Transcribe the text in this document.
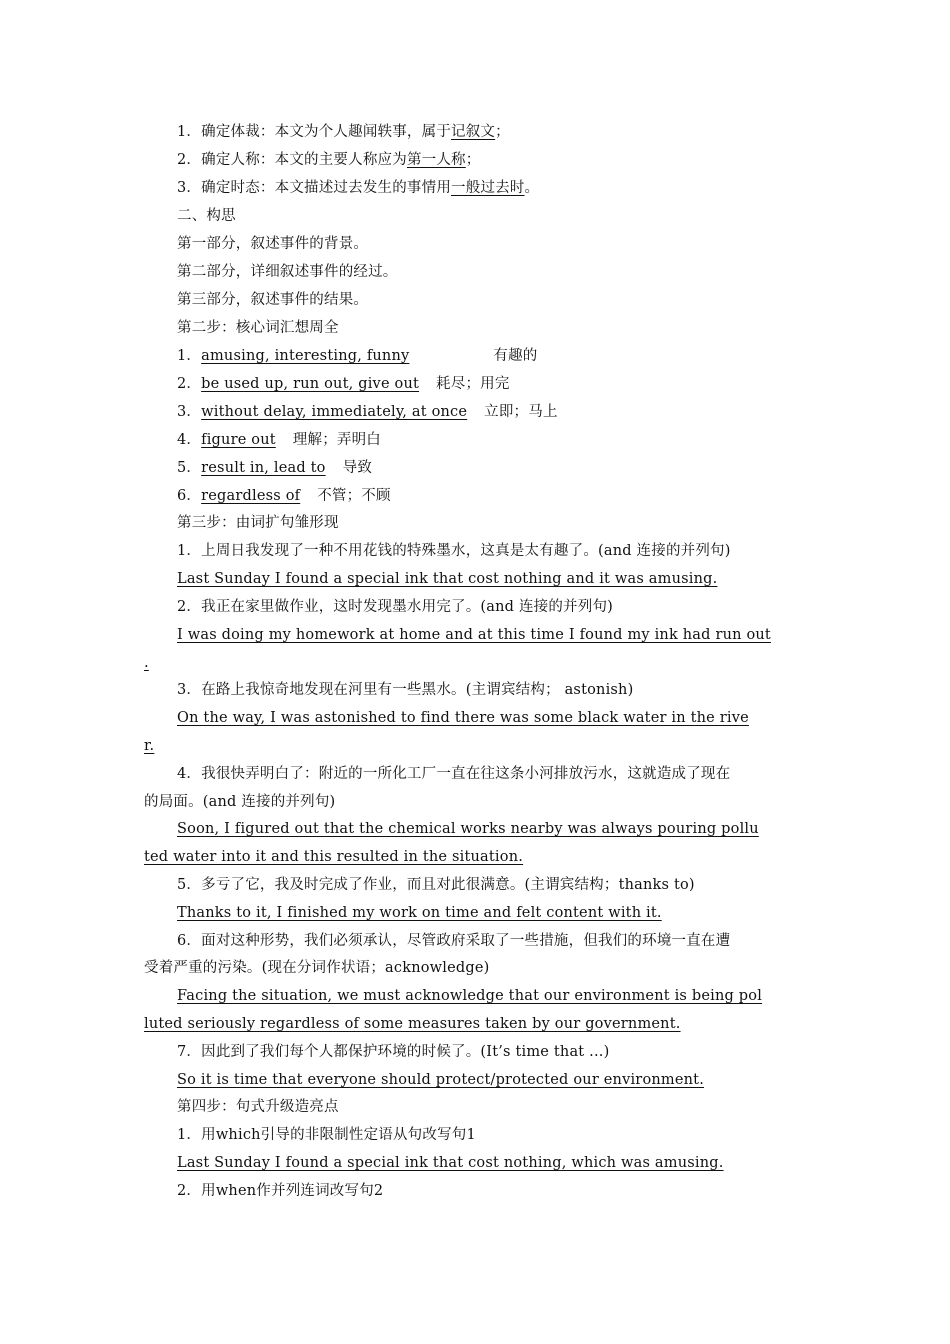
1．确定体裁：本文为个人趣闻轶事，属于记叙文；
2．确定人称：本文的主要人称应为第一人称；
3．确定时态：本文描述过去发生的事情用一般过去时。
二、构思
第一部分，叙述事件的背景。
第二部分，详细叙述事件的经过。
第三部分，叙述事件的结果。
第二步：核心词汇想周全
1．amusing, interesting, funny	有趣的
2．be used up, run out, give out 耗尽；用完
3．without delay, immediately, at once 立即；马上
4．figure out 理解；弄明白
5．result in, lead to 导致
6．regardless of 不管；不顾
第三步：由词扩句雏形现
1．上周日我发现了一种不用花钱的特殊墨水，这真是太有趣了。(and 连接的并列句)
Last Sunday I found a special ink that cost nothing and it was amusing.
2．我正在家里做作业，这时发现墨水用完了。(and 连接的并列句)
I was doing my homework at home and at this time I found my ink had run out
.
3．在路上我惊奇地发现在河里有一些黑水。(主谓宾结构； astonish)
On the way, I was astonished to find there was some black water in the rive
r.
4．我很快弄明白了：附近的一所化工厂一直在往这条小河排放污水，这就造成了现在
的局面。(and 连接的并列句)
Soon, I figured out that the chemical works nearby was always pouring pollu
ted water into it and this resulted in the situation.
5．多亏了它，我及时完成了作业，而且对此很满意。(主谓宾结构；thanks to)
Thanks to it, I finished my work on time and felt content with it.
6．面对这种形势，我们必须承认，尽管政府采取了一些措施，但我们的环境一直在遭
受着严重的污染。(现在分词作状语；acknowledge)
Facing the situation, we must acknowledge that our environment is being pol
luted seriously regardless of some measures taken by our government.
7．因此到了我们每个人都保护环境的时候了。(It’s time that ...)
So it is time that everyone should protect/protected our environment.
第四步：句式升级造亮点
1．用which引导的非限制性定语从句改写句1
Last Sunday I found a special ink that cost nothing, which was amusing.
2．用when作并列连词改写句2
